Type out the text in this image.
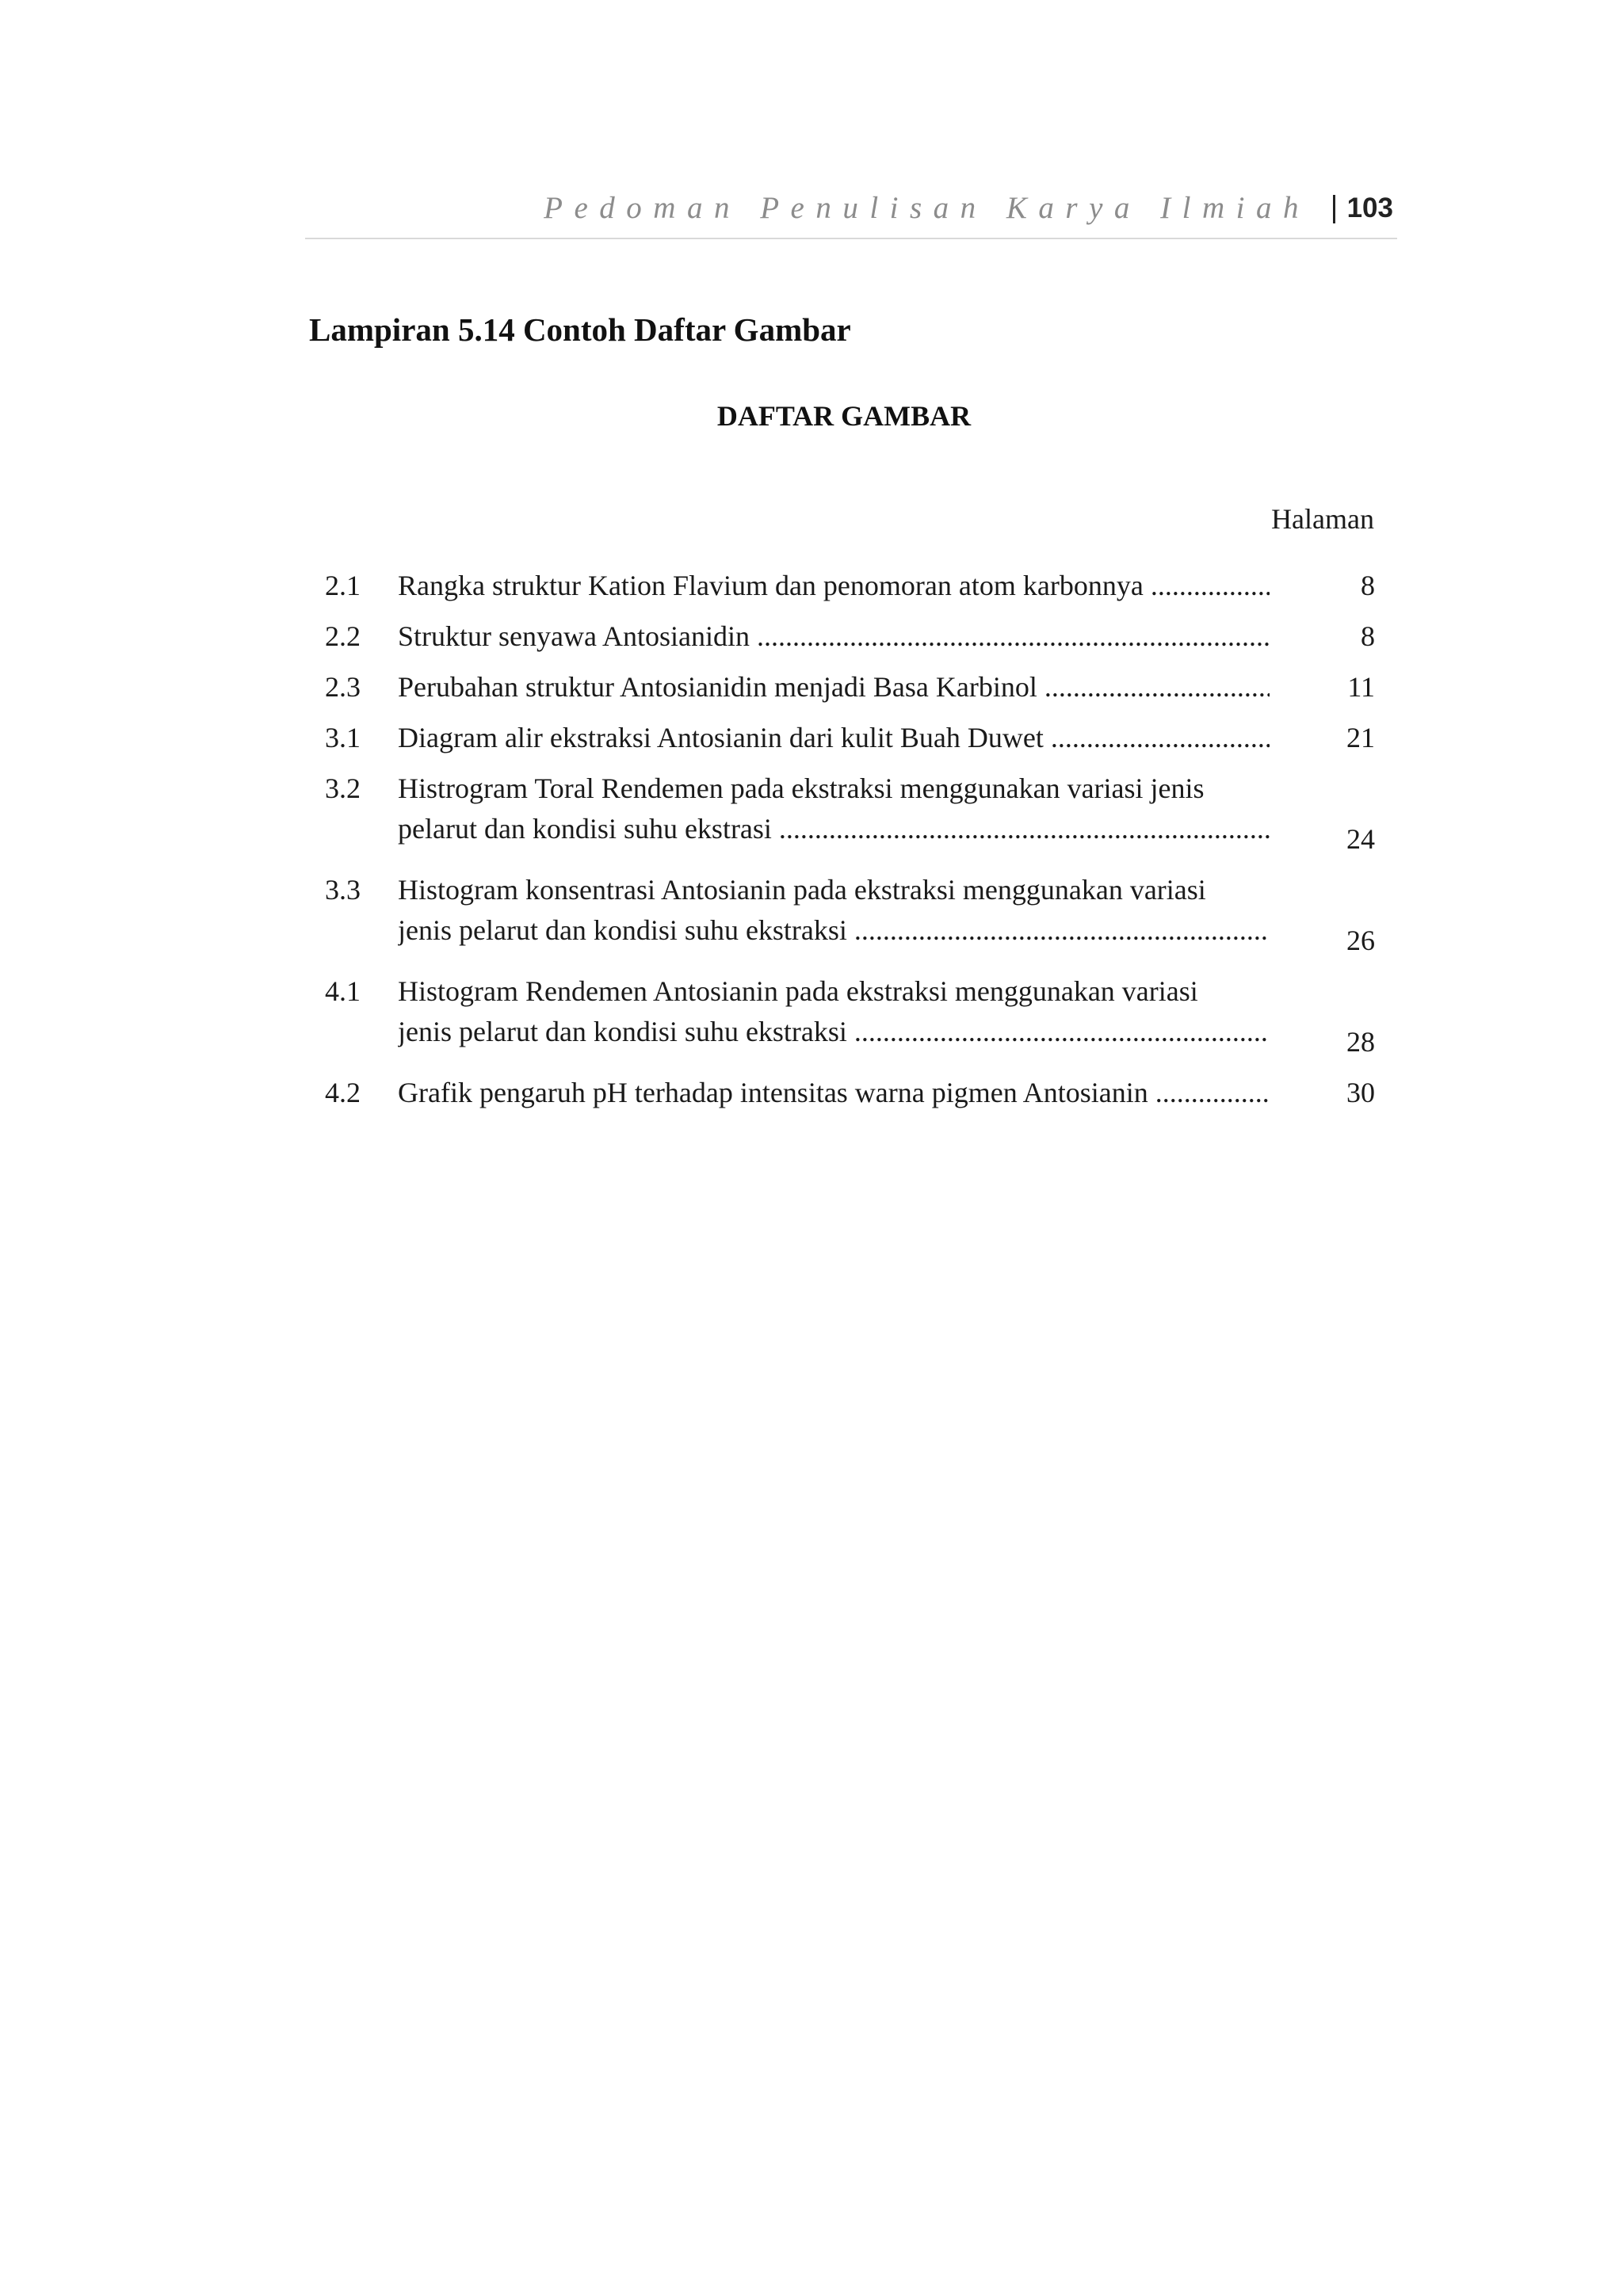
Pedoman Penulisan Karya Ilmiah 103
Lampiran 5.14 Contoh Daftar Gambar
DAFTAR GAMBAR
Halaman
2.1 Rangka struktur Kation Flavium dan penomoran atom karbonnya .....	8
2.2 Struktur senyawa Antosianidin .....	8
2.3 Perubahan struktur Antosianidin menjadi Basa Karbinol .....	11
3.1 Diagram alir ekstraksi Antosianin dari kulit Buah Duwet .....	21
3.2 Histrogram Toral Rendemen pada ekstraksi menggunakan variasi jenis
pelarut dan kondisi suhu ekstrasi .....	24
3.3 Histogram konsentrasi Antosianin pada ekstraksi menggunakan variasi
jenis pelarut dan kondisi suhu ekstraksi .....	26
4.1 Histogram Rendemen Antosianin pada ekstraksi menggunakan variasi
jenis pelarut dan kondisi suhu ekstraksi .....	28
4.2 Grafik pengaruh pH terhadap intensitas warna pigmen Antosianin .....	30
